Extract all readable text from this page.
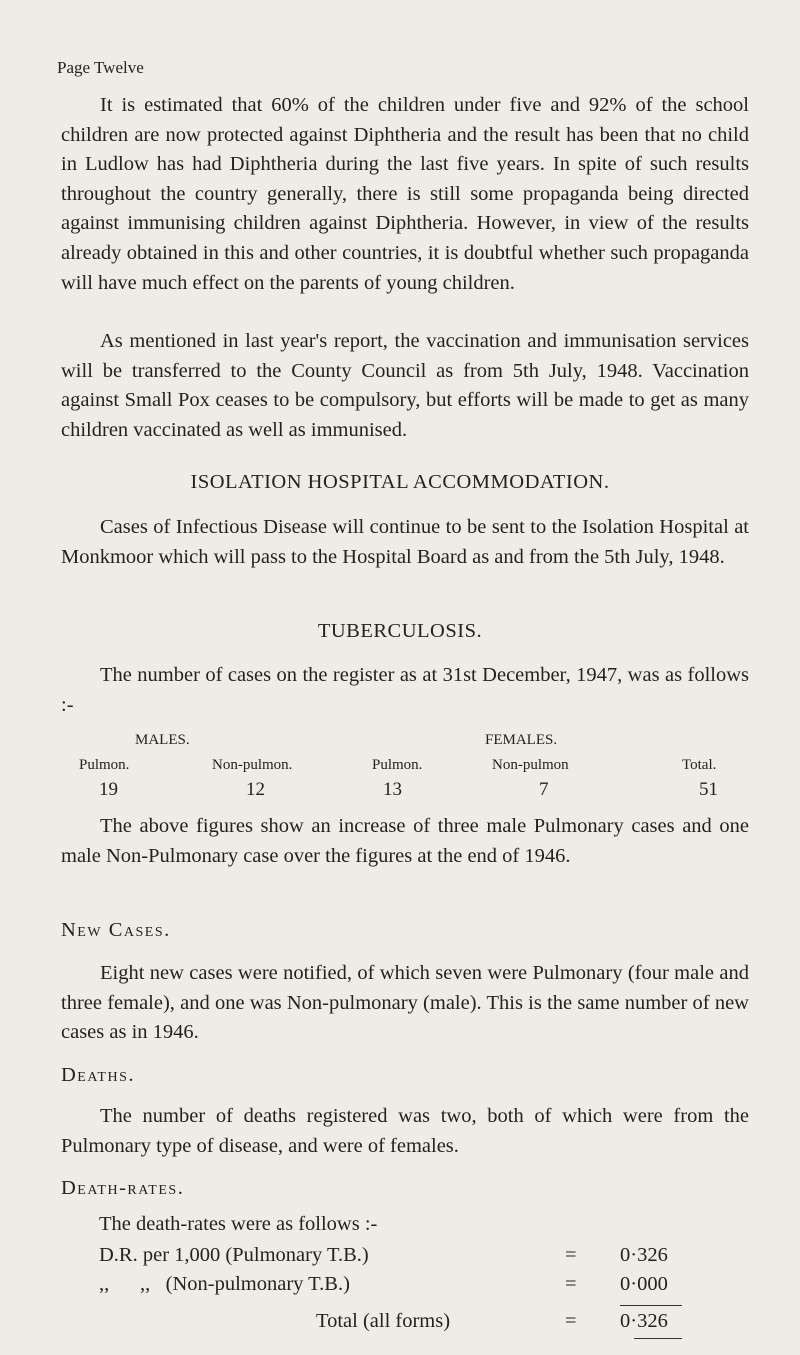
Page Twelve

It is estimated that 60% of the children under five and 92% of the school children are now protected against Diphtheria and the result has been that no child in Ludlow has had Diphtheria during the last five years. In spite of such results throughout the country generally, there is still some propaganda being directed against immunising children against Diphtheria. However, in view of the results already obtained in this and other countries, it is doubtful whether such propaganda will have much effect on the parents of young children.

As mentioned in last year's report, the vaccination and immunisation services will be transferred to the County Council as from 5th July, 1948. Vaccination against Small Pox ceases to be compulsory, but efforts will be made to get as many children vaccinated as well as immunised.

ISOLATION HOSPITAL ACCOMMODATION.

Cases of Infectious Disease will continue to be sent to the Isolation Hospital at Monkmoor which will pass to the Hospital Board as and from the 5th July, 1948.

TUBERCULOSIS.

The number of cases on the register as at 31st December, 1947, was as follows :-

MALES.	FEMALES.
Pulmon.	Non-pulmon.	Pulmon.	Non-pulmon	Total.
19	12	13	7	51

The above figures show an increase of three male Pulmonary cases and one male Non-Pulmonary case over the figures at the end of 1946.

New Cases.

Eight new cases were notified, of which seven were Pulmonary (four male and three female), and one was Non-pulmonary (male). This is the same number of new cases as in 1946.

Deaths.

The number of deaths registered was two, both of which were from the Pulmonary type of disease, and were of females.

Death-rates.
The death-rates were as follows :-
D.R. per 1,000 (Pulmonary T.B.)	= 0·326
,,      ,,   (Non-pulmonary T.B.)	= 0·000
Total (all forms)	= 0·326
